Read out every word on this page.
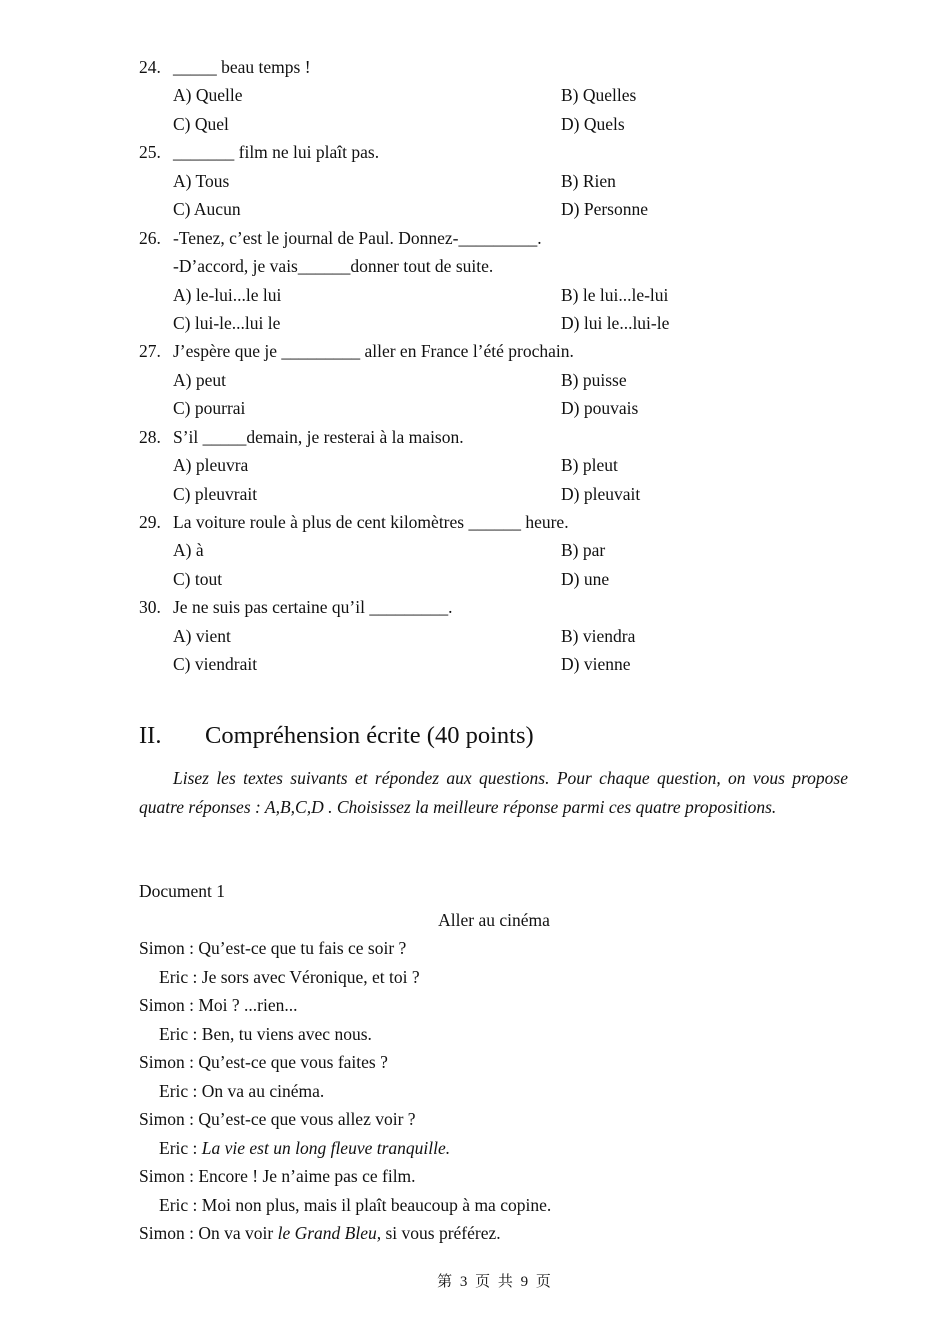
24. _____ beau temps !
A) Quelle	B) Quelles
C) Quel	D) Quels
25. _______ film ne lui plaît pas.
A) Tous	B) Rien
C) Aucun	D) Personne
26. -Tenez, c’est le journal de Paul. Donnez-_________.
-D’accord, je vais______donner tout de suite.
A) le-lui...le lui	B) le lui...le-lui
C) lui-le...lui le	D) lui le...lui-le
27. J’espère que je _________ aller en France l’été prochain.
A) peut	B) puisse
C) pourrai	D) pouvais
28. S’il _____demain, je resterai à la maison.
A) pleuvra	B) pleut
C) pleuvrait	D) pleuvait
29. La voiture roule à plus de cent kilomètres ______ heure.
A) à	B) par
C) tout	D) une
30. Je ne suis pas certaine qu’il _________.
A) vient	B) viendra
C) viendrait	D) vienne
II. Compréhension écrite (40 points)
Lisez les textes suivants et répondez aux questions. Pour chaque question, on vous propose quatre réponses : A,B,C,D . Choisissez la meilleure réponse parmi ces quatre propositions.
Document 1
Aller au cinéma
Simon : Qu’est-ce que tu fais ce soir ?
Eric : Je sors avec Véronique, et toi ?
Simon : Moi ? ...rien...
Eric : Ben, tu viens avec nous.
Simon : Qu’est-ce que vous faites ?
Eric : On va au cinéma.
Simon : Qu’est-ce que vous allez voir ?
Eric : La vie est un long fleuve tranquille.
Simon : Encore ! Je n’aime pas ce film.
Eric : Moi non plus, mais il plaît beaucoup à ma copine.
Simon : On va voir le Grand Bleu, si vous préférez.
第 3 页 共 9 页
